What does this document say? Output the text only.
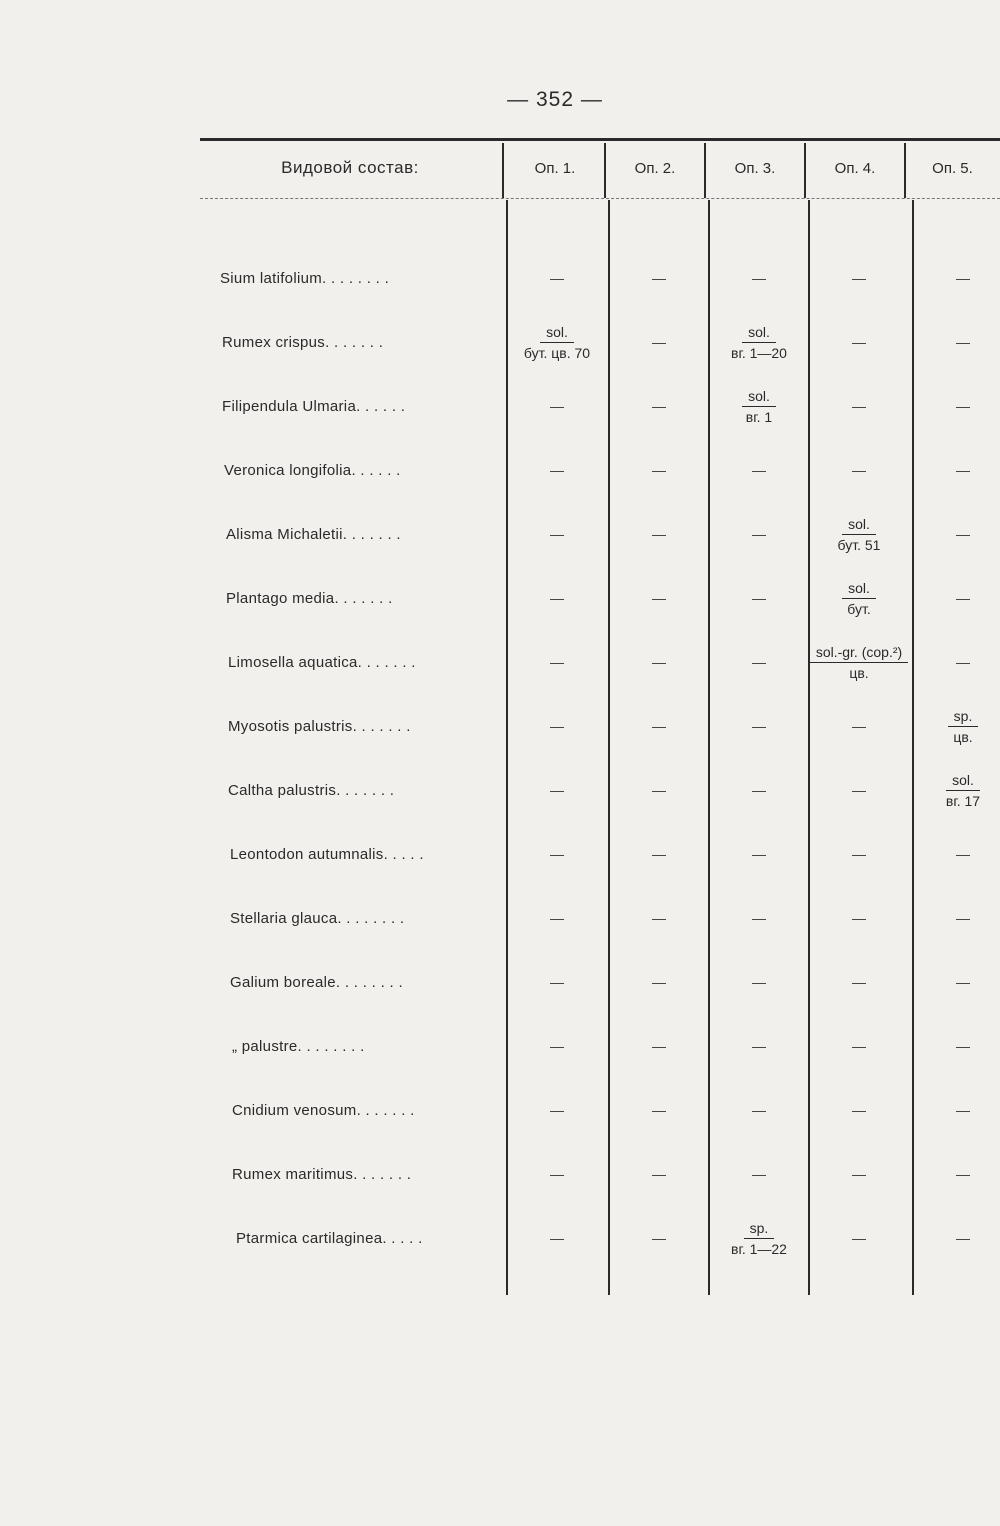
— 352 —
Видовой состав:	Оп. 1.	Оп. 2.	Оп. 3.	Оп. 4.	Оп. 5.
Sium latifolium . . . . . . . .	—	—	—	—	—
Rumex crispus . . . . . . .	$\frac{\text{sol.}}{\text{бут. цв. 70}}$	—	$\frac{\text{sol.}}{вг. 1—20}$	—	—
Filipendula Ulmaria . . . . . .	—	—	$\frac{\text{sol.}}{вг. 1}$	—	—
Veronica longifolia . . . . . .	—	—	—	—	—
Alisma Michaletii . . . . . . .	—	—	—	$\frac{\text{sol.}}{\text{бут. 51}}$	—
Plantago media . . . . . . .	—	—	—	$\frac{\text{sol.}}{\text{бут.}}$	—
Limosella aquatica . . . . . . .	—	—	—	$\frac{\text{sol.-gr. (cop.²)}}{цв.}$	—
Myosotis palustris . . . . . . .	—	—	—	—	$\frac{sp.}{цв.}$
Caltha palustris . . . . . . .	—	—	—	—	$\frac{\text{sol.}}{вг. 17}$
Leontodon autumnalis . . . . .	—	—	—	—	—
Stellaria glauca . . . . . . . .	—	—	—	—	—
Galium boreale . . . . . . . .	—	—	—	—	—
„ palustre . . . . . . . .	—	—	—	—	—
Cnidium venosum . . . . . . .	—	—	—	—	—
Rumex maritimus . . . . . . .	—	—	—	—	—
Ptarmica cartilaginea . . . . .	—	—	$\frac{sp.}{вг. 1—22}$	—	—
